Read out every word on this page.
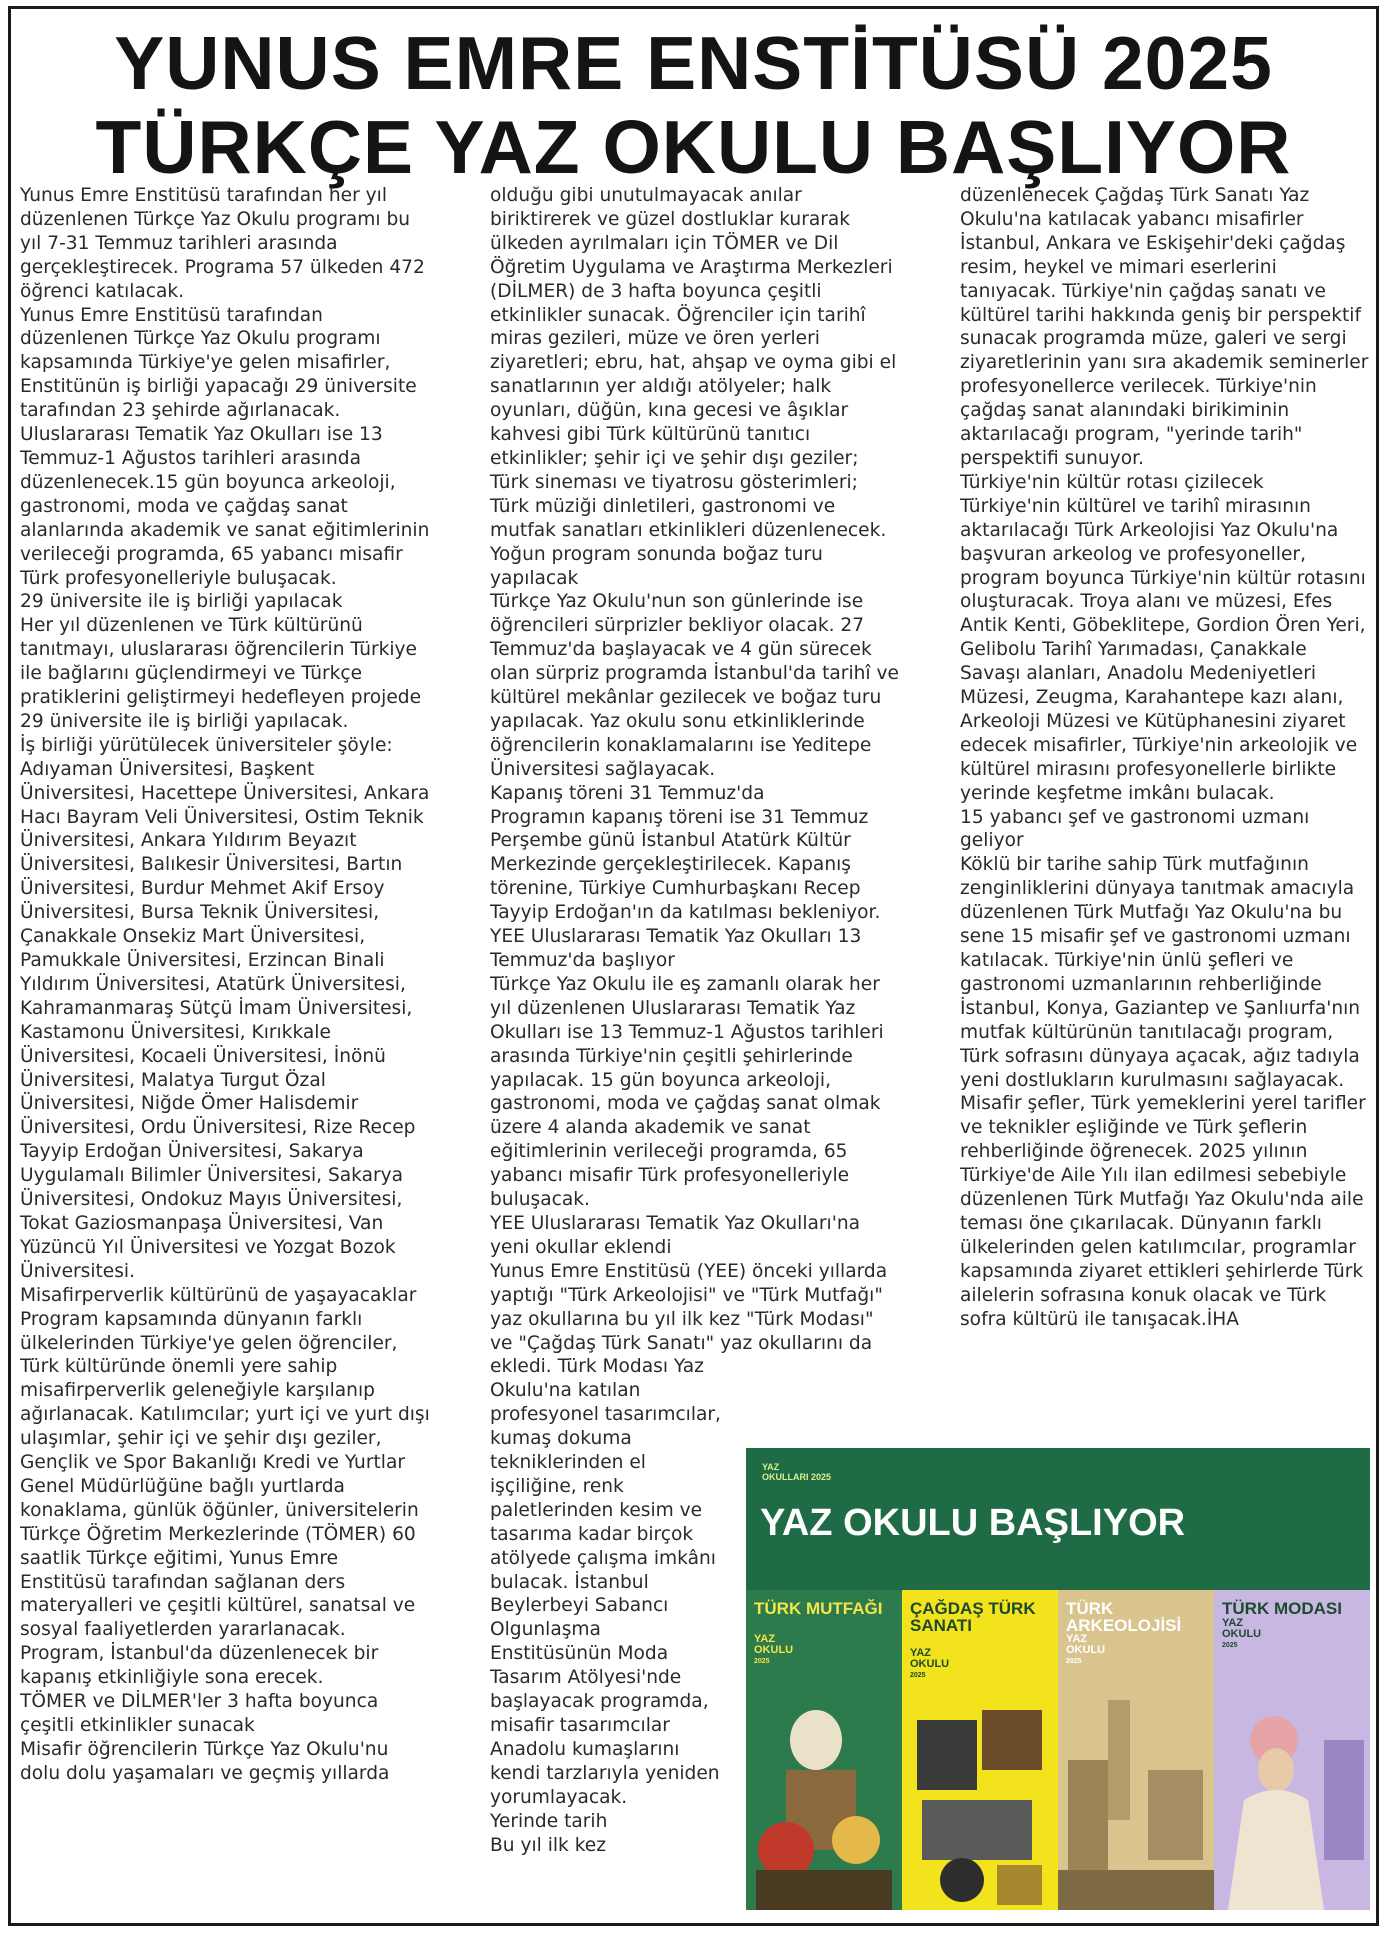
YUNUS EMRE ENSTİTÜSÜ 2025
TÜRKÇE YAZ OKULU BAŞLIYOR

Yunus Emre Enstitüsü tarafından her yıl düzenlenen Türkçe Yaz Okulu programı bu yıl 7-31 Temmuz tarihleri arasında gerçekleştirecek. Programa 57 ülkeden 472 öğrenci katılacak.

Yunus Emre Enstitüsü tarafından düzenlenen Türkçe Yaz Okulu programı kapsamında Türkiye'ye gelen misafirler, Enstitünün iş birliği yapacağı 29 üniversite tarafından 23 şehirde ağırlanacak.

Uluslararası Tematik Yaz Okulları ise 13 Temmuz-1 Ağustos tarihleri arasında düzenlenecek.15 gün boyunca arkeoloji, gastronomi, moda ve çağdaş sanat alanlarında akademik ve sanat eğitimlerinin verileceği programda, 65 yabancı misafir Türk profesyonelleriyle buluşacak.

29 üniversite ile iş birliği yapılacak

Her yıl düzenlenen ve Türk kültürünü tanıtmayı, uluslararası öğrencilerin Türkiye ile bağlarını güçlendirmeyi ve Türkçe pratiklerini geliştirmeyi hedefleyen projede 29 üniversite ile iş birliği yapılacak.

İş birliği yürütülecek üniversiteler şöyle:

Adıyaman Üniversitesi, Başkent Üniversitesi, Hacettepe Üniversitesi, Ankara Hacı Bayram Veli Üniversitesi, Ostim Teknik Üniversitesi, Ankara Yıldırım Beyazıt Üniversitesi, Balıkesir Üniversitesi, Bartın Üniversitesi, Burdur Mehmet Akif Ersoy Üniversitesi, Bursa Teknik Üniversitesi, Çanakkale Onsekiz Mart Üniversitesi, Pamukkale Üniversitesi, Erzincan Binali Yıldırım Üniversitesi, Atatürk Üniversitesi, Kahramanmaraş Sütçü İmam Üniversitesi, Kastamonu Üniversitesi, Kırıkkale Üniversitesi, Kocaeli Üniversitesi, İnönü Üniversitesi, Malatya Turgut Özal Üniversitesi, Niğde Ömer Halisdemir Üniversitesi, Ordu Üniversitesi, Rize Recep Tayyip Erdoğan Üniversitesi, Sakarya Uygulamalı Bilimler Üniversitesi, Sakarya Üniversitesi, Ondokuz Mayıs Üniversitesi, Tokat Gaziosmanpaşa Üniversitesi, Van Yüzüncü Yıl Üniversitesi ve Yozgat Bozok Üniversitesi.

Misafirperverlik kültürünü de yaşayacaklar

Program kapsamında dünyanın farklı ülkelerinden Türkiye'ye gelen öğrenciler, Türk kültüründe önemli yere sahip misafirperverlik geleneğiyle karşılanıp ağırlanacak. Katılımcılar; yurt içi ve yurt dışı ulaşımlar, şehir içi ve şehir dışı geziler, Gençlik ve Spor Bakanlığı Kredi ve Yurtlar Genel Müdürlüğüne bağlı yurtlarda konaklama, günlük öğünler, üniversitelerin Türkçe Öğretim Merkezlerinde (TÖMER) 60 saatlik Türkçe eğitimi, Yunus Emre Enstitüsü tarafından sağlanan ders materyalleri ve çeşitli kültürel, sanatsal ve sosyal faaliyetlerden yararlanacak. Program, İstanbul'da düzenlenecek bir kapanış etkinliğiyle sona erecek.

TÖMER ve DİLMER'ler 3 hafta boyunca çeşitli etkinlikler sunacak

Misafir öğrencilerin Türkçe Yaz Okulu'nu dolu dolu yaşamaları ve geçmiş yıllarda

olduğu gibi unutulmayacak anılar biriktirerek ve güzel dostluklar kurarak ülkeden ayrılmaları için TÖMER ve Dil Öğretim Uygulama ve Araştırma Merkezleri (DİLMER) de 3 hafta boyunca çeşitli etkinlikler sunacak. Öğrenciler için tarihî miras gezileri, müze ve ören yerleri ziyaretleri; ebru, hat, ahşap ve oyma gibi el sanatlarının yer aldığı atölyeler; halk oyunları, düğün, kına gecesi ve âşıklar kahvesi gibi Türk kültürünü tanıtıcı etkinlikler; şehir içi ve şehir dışı geziler; Türk sineması ve tiyatrosu gösterimleri; Türk müziği dinletileri, gastronomi ve mutfak sanatları etkinlikleri düzenlenecek.

Yoğun program sonunda boğaz turu yapılacak

Türkçe Yaz Okulu'nun son günlerinde ise öğrencileri sürprizler bekliyor olacak. 27 Temmuz'da başlayacak ve 4 gün sürecek olan sürpriz programda İstanbul'da tarihî ve kültürel mekânlar gezilecek ve boğaz turu yapılacak. Yaz okulu sonu etkinliklerinde öğrencilerin konaklamalarını ise Yeditepe Üniversitesi sağlayacak.

Kapanış töreni 31 Temmuz'da

Programın kapanış töreni ise 31 Temmuz Perşembe günü İstanbul Atatürk Kültür Merkezinde gerçekleştirilecek. Kapanış törenine, Türkiye Cumhurbaşkanı Recep Tayyip Erdoğan'ın da katılması bekleniyor.

YEE Uluslararası Tematik Yaz Okulları 13 Temmuz'da başlıyor

Türkçe Yaz Okulu ile eş zamanlı olarak her yıl düzenlenen Uluslararası Tematik Yaz Okulları ise 13 Temmuz-1 Ağustos tarihleri arasında Türkiye'nin çeşitli şehirlerinde yapılacak. 15 gün boyunca arkeoloji, gastronomi, moda ve çağdaş sanat olmak üzere 4 alanda akademik ve sanat eğitimlerinin verileceği programda, 65 yabancı misafir Türk profesyonelleriyle buluşacak.

YEE Uluslararası Tematik Yaz Okulları'na yeni okullar eklendi

Yunus Emre Enstitüsü (YEE) önceki yıllarda yaptığı "Türk Arkeolojisi" ve "Türk Mutfağı" yaz okullarına bu yıl ilk kez "Türk Modası" ve "Çağdaş Türk Sanatı" yaz okullarını da ekledi. Türk Modası Yaz

Okulu'na katılan profesyonel tasarımcılar, kumaş dokuma tekniklerinden el işçiliğine, renk paletlerinden kesim ve tasarıma kadar birçok atölyede çalışma imkânı bulacak. İstanbul Beylerbeyi Sabancı Olgunlaşma Enstitüsünün Moda Tasarım Atölyesi'nde başlayacak programda, misafir tasarımcılar Anadolu kumaşlarını kendi tarzlarıyla yeniden yorumlayacak.

Yerinde tarih

Bu yıl ilk kez

düzenlenecek Çağdaş Türk Sanatı Yaz Okulu'na katılacak yabancı misafirler İstanbul, Ankara ve Eskişehir'deki çağdaş resim, heykel ve mimari eserlerini tanıyacak. Türkiye'nin çağdaş sanatı ve kültürel tarihi hakkında geniş bir perspektif sunacak programda müze, galeri ve sergi ziyaretlerinin yanı sıra akademik seminerler profesyonellerce verilecek. Türkiye'nin çağdaş sanat alanındaki birikiminin aktarılacağı program, "yerinde tarih" perspektifi sunuyor.

Türkiye'nin kültür rotası çizilecek

Türkiye'nin kültürel ve tarihî mirasının aktarılacağı Türk Arkeolojisi Yaz Okulu'na başvuran arkeolog ve profesyoneller, program boyunca Türkiye'nin kültür rotasını oluşturacak. Troya alanı ve müzesi, Efes Antik Kenti, Göbeklitepe, Gordion Ören Yeri, Gelibolu Tarihî Yarımadası, Çanakkale Savaşı alanları, Anadolu Medeniyetleri Müzesi, Zeugma, Karahantepe kazı alanı, Arkeoloji Müzesi ve Kütüphanesini ziyaret edecek misafirler, Türkiye'nin arkeolojik ve kültürel mirasını profesyonellerle birlikte yerinde keşfetme imkânı bulacak.

15 yabancı şef ve gastronomi uzmanı geliyor

Köklü bir tarihe sahip Türk mutfağının zenginliklerini dünyaya tanıtmak amacıyla düzenlenen Türk Mutfağı Yaz Okulu'na bu sene 15 misafir şef ve gastronomi uzmanı katılacak. Türkiye'nin ünlü şefleri ve gastronomi uzmanlarının rehberliğinde İstanbul, Konya, Gaziantep ve Şanlıurfa'nın mutfak kültürünün tanıtılacağı program, Türk sofrasını dünyaya açacak, ağız tadıyla yeni dostlukların kurulmasını sağlayacak. Misafir şefler, Türk yemeklerini yerel tarifler ve teknikler eşliğinde ve Türk şeflerin rehberliğinde öğrenecek. 2025 yılının Türkiye'de Aile Yılı ilan edilmesi sebebiyle düzenlenen Türk Mutfağı Yaz Okulu'nda aile teması öne çıkarılacak. Dünyanın farklı ülkelerinden gelen katılımcılar, programlar kapsamında ziyaret ettikleri şehirlerde Türk ailelerin sofrasına konuk olacak ve Türk sofra kültürü ile tanışacak.İHA

YAZ
OKULLARI 2025
YAZ OKULU BAŞLIYOR
TÜRK MUTFAĞI
YAZ
OKULU
2025
ÇAĞDAŞ TÜRK SANATI
YAZ
OKULU
2025
TÜRK ARKEOLOJİSİ
YAZ
OKULU
2025
TÜRK MODASI
YAZ
OKULU
2025
